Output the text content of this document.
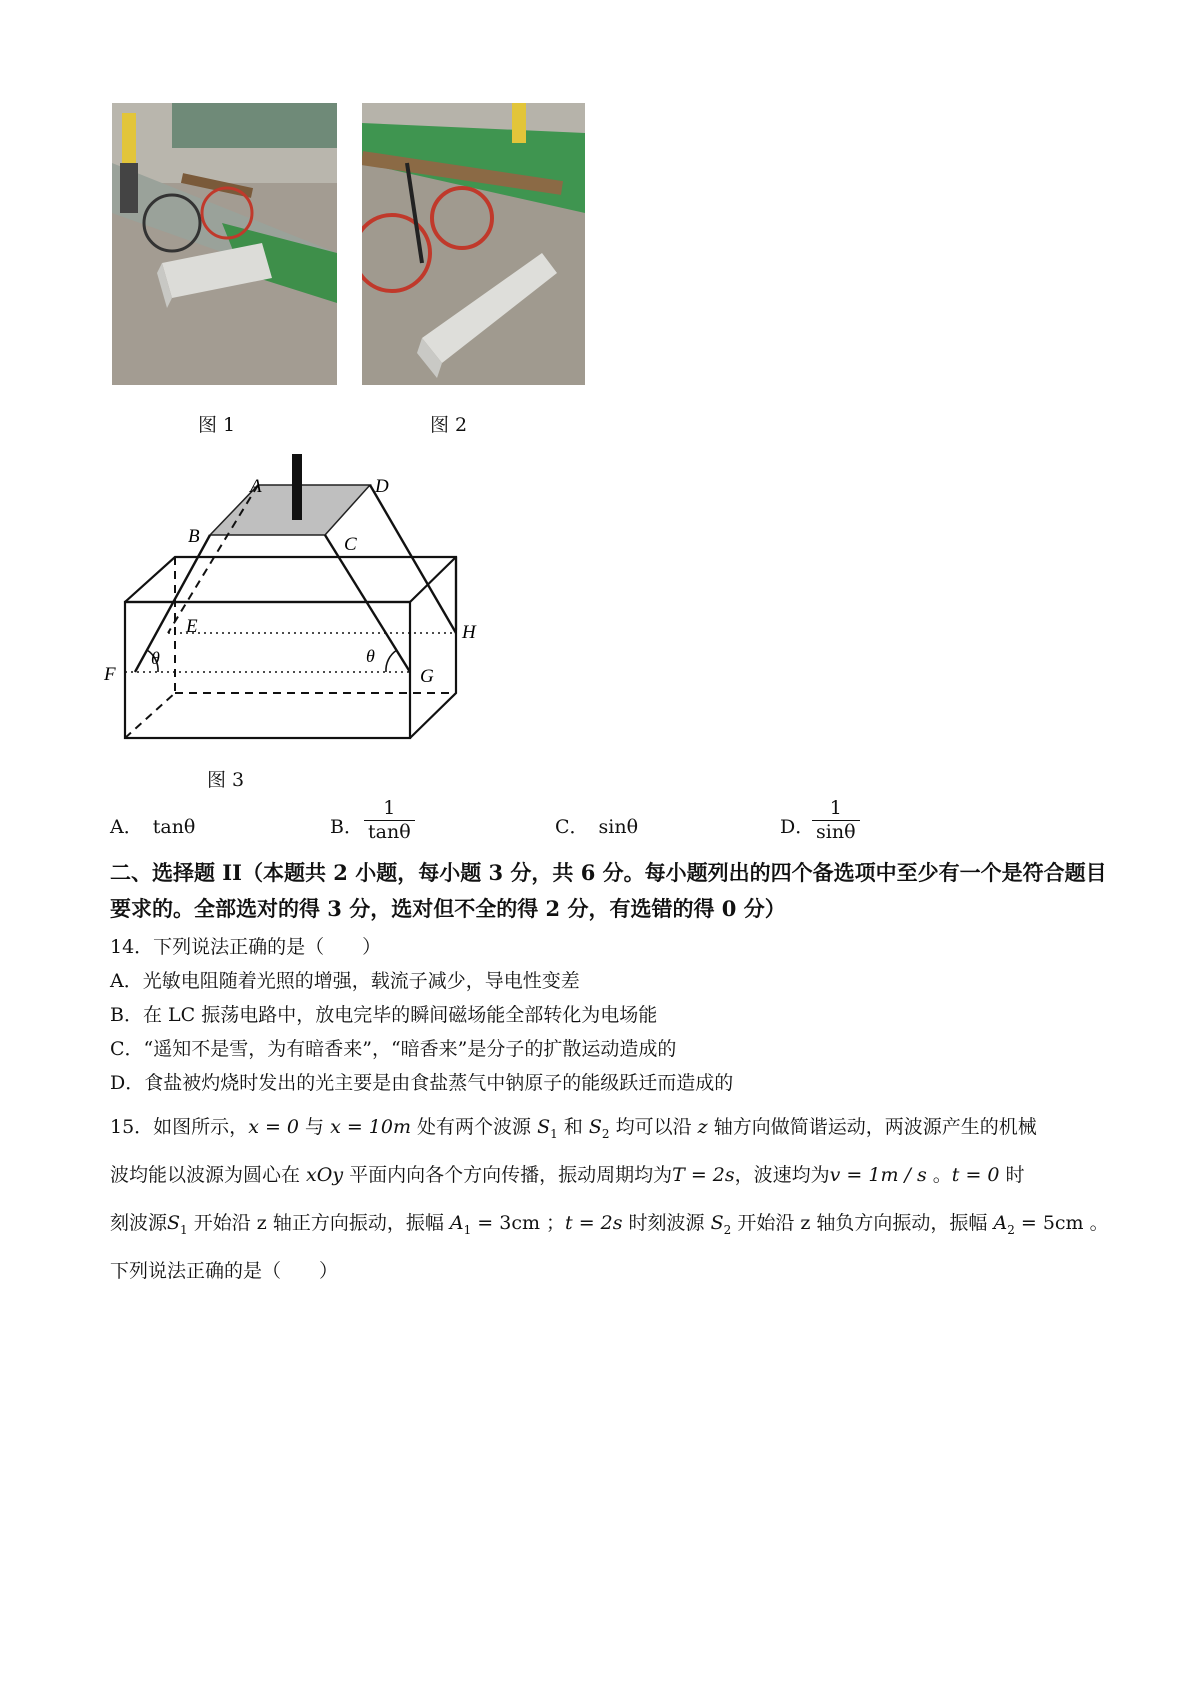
图 1	图 2
A	D
B	C
E	H
F	G
θ	θ
图 3
A． tanθ	B． $\frac{1}{\tan\theta}$	C． sinθ	D．
$\frac{1}{\sin\theta}$
二、选择题 II（本题共 2 小题，每小题 3 分，共 6 分。每小题列出的四个备选项中至少有一个是符合题目要求的。全部选对的得 3 分，选对但不全的得 2 分，有选错的得 0 分）
14．下列说法正确的是（　　）
A．光敏电阻随着光照的增强，载流子减少，导电性变差
B．在 LC 振荡电路中，放电完毕的瞬间磁场能全部转化为电场能
C．“遥知不是雪，为有暗香来”，“暗香来”是分子的扩散运动造成的
D．食盐被灼烧时发出的光主要是由食盐蒸气中钠原子的能级跃迁而造成的
15．如图所示，x = 0 与 x = 10m 处有两个波源 $S_1$ 和 $S_2$ 均可以沿 z 轴方向做简谐运动，两波源产生的机械
波均能以波源为圆心在 xOy 平面内向各个方向传播，振动周期均为T = 2s，波速均为v = 1m / s 。t = 0 时
刻波源$S_1$ 开始沿 z 轴正方向振动，振幅 $A_1 = 3cm$ ；t = 2s 时刻波源 $S_2$ 开始沿 z 轴负方向振动，振幅 $A_2 = 5cm$ 。
下列说法正确的是（　　）
